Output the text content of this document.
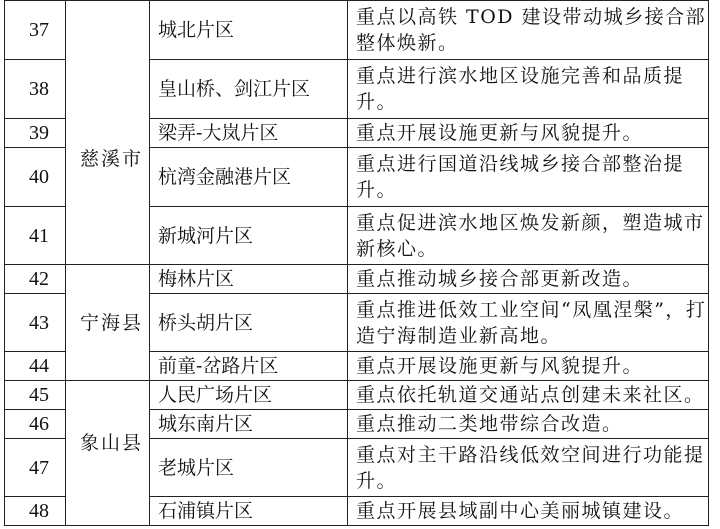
37	慈溪市	城北片区	重点以高铁 TOD 建设带动城乡接合部整体焕新。
38		皇山桥、剑江片区	重点进行滨水地区设施完善和品质提升。
39		梁弄-大岚片区	重点开展设施更新与风貌提升。
40		杭湾金融港片区	重点进行国道沿线城乡接合部整治提升。
41		新城河片区	重点促进滨水地区焕发新颜，塑造城市新核心。
42	宁海县	梅林片区	重点推动城乡接合部更新改造。
43		桥头胡片区	重点推进低效工业空间“凤凰涅槃”，打造宁海制造业新高地。
44		前童-岔路片区	重点开展设施更新与风貌提升。
45	象山县	人民广场片区	重点依托轨道交通站点创建未来社区。
46		城东南片区	重点推动二类地带综合改造。
47		老城片区	重点对主干路沿线低效空间进行功能提升。
48		石浦镇片区	重点开展县域副中心美丽城镇建设。
